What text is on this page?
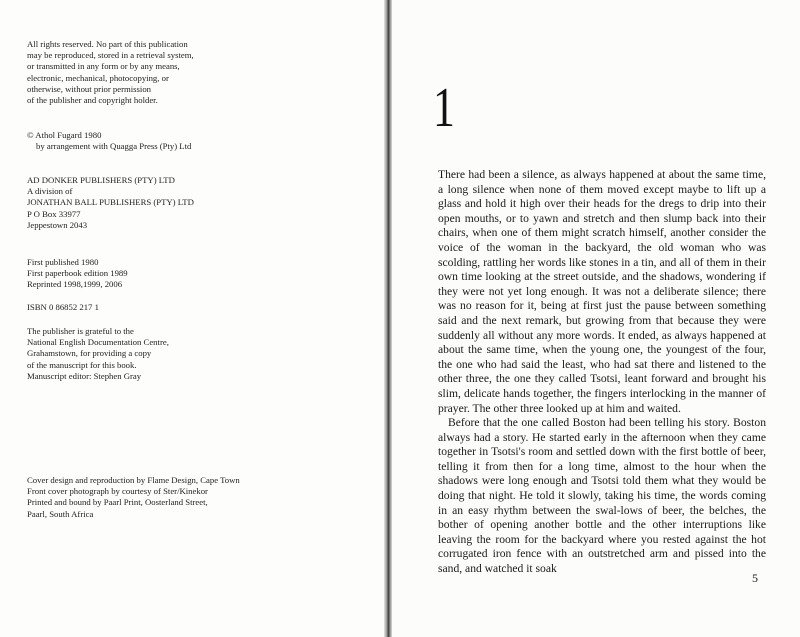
All rights reserved. No part of this publication
may be reproduced, stored in a retrieval system,
or transmitted in any form or by any means,
electronic, mechanical, photocopying, or
otherwise, without prior permission
of the publisher and copyright holder.
© Athol Fugard 1980
by arrangement with Quagga Press (Pty) Ltd
AD DONKER PUBLISHERS (PTY) LTD
A division of
JONATHAN BALL PUBLISHERS (PTY) LTD
P O Box 33977
Jeppestown 2043
First published 1980
First paperbook edition 1989
Reprinted 1998,1999, 2006
ISBN 0 86852 217 1
The publisher is grateful to the
National English Documentation Centre,
Grahamstown, for providing a copy
of the manuscript for this book.
Manuscript editor: Stephen Gray
Cover design and reproduction by Flame Design, Cape Town
Front cover photograph by courtesy of Ster/Kinekor
Printed and bound by Paarl Print, Oosterland Street,
Paarl, South Africa
1

There had been a silence, as always happened at about the same time, a long silence when none of them moved except maybe to lift up a glass and hold it high over their heads for the dregs to drip into their open mouths, or to yawn and stretch and then slump back into their chairs, when one of them might scratch himself, another consider the voice of the woman in the backyard, the old woman who was scolding, rattling her words like stones in a tin, and all of them in their own time looking at the street outside, and the shadows, wondering if they were not yet long enough. It was not a deliberate silence; there was no reason for it, being at first just the pause between something said and the next remark, but growing from that because they were suddenly all without any more words. It ended, as always happened at about the same time, when the young one, the youngest of the four, the one who had said the least, who had sat there and listened to the other three, the one they called Tsotsi, leant forward and brought his slim, delicate hands together, the fingers interlocking in the manner of prayer. The other three looked up at him and waited.

Before that the one called Boston had been telling his story. Boston always had a story. He started early in the afternoon when they came together in Tsotsi's room and settled down with the first bottle of beer, telling it from then for a long time, almost to the hour when the shadows were long enough and Tsotsi told them what they would be doing that night. He told it slowly, taking his time, the words coming in an easy rhythm between the swal-lows of beer, the belches, the bother of opening another bottle and the other interruptions like leaving the room for the backyard where you rested against the hot corrugated iron fence with an outstretched arm and pissed into the sand, and watched it soak

5
